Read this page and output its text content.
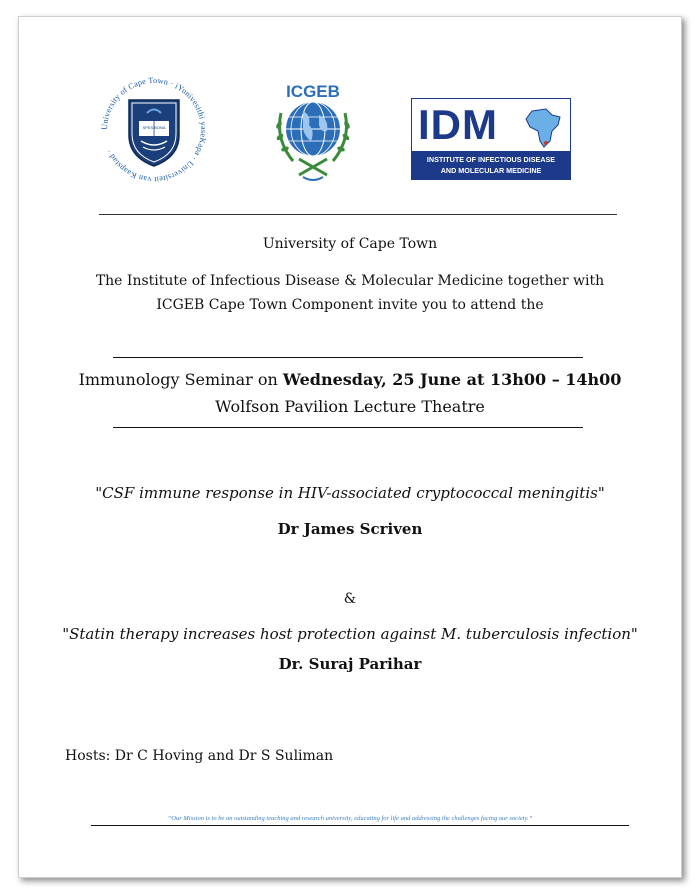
University of Cape Town · iYunivesithi yaseKapa · Universiteit van Kaapstad ·
SPES BONA
ICGEB
IDM
INSTITUTE OF INFECTIOUS DISEASE
AND MOLECULAR MEDICINE
University of Cape Town
The Institute of Infectious Disease & Molecular Medicine together with
ICGEB Cape Town Component invite you to attend the
Immunology Seminar on Wednesday, 25 June at 13h00 – 14h00
Wolfson Pavilion Lecture Theatre
"CSF immune response in HIV-associated cryptococcal meningitis"
Dr James Scriven
&
"Statin therapy increases host protection against M. tuberculosis infection"
Dr. Suraj Parihar
Hosts: Dr C Hoving and Dr S Suliman
“Our Mission is to be an outstanding teaching and research university, educating for life and addressing the challenges facing our society.”
